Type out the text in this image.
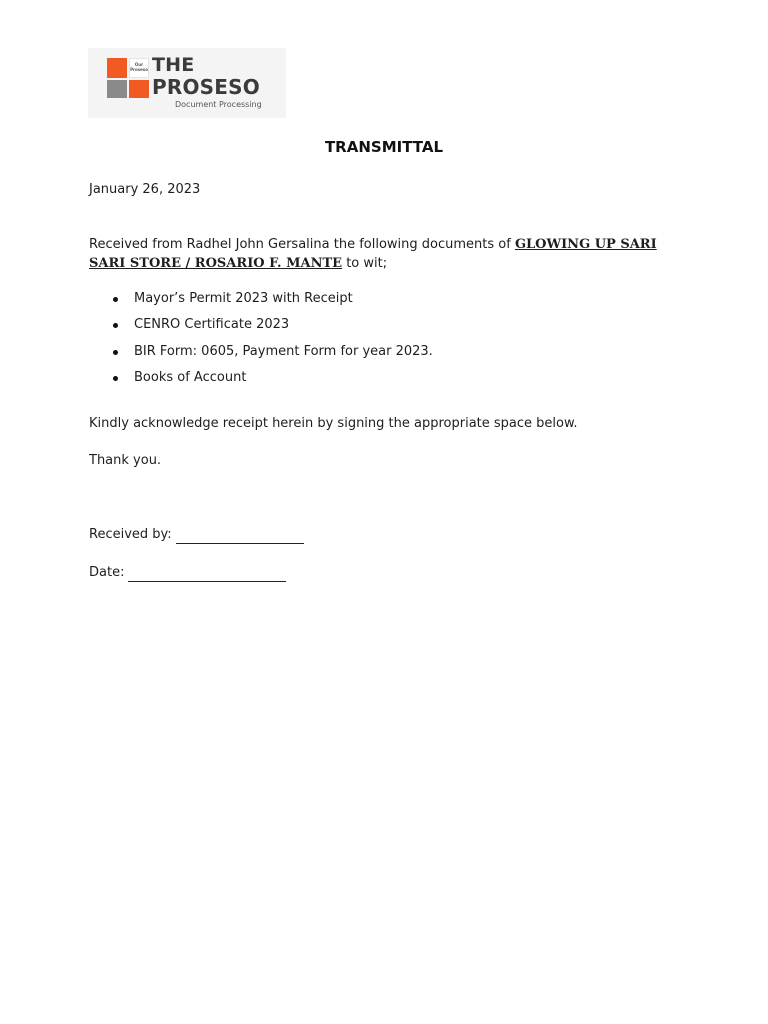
Our Proseso THE
PROSESO
Document Processing
TRANSMITTAL
January 26, 2023
Received from Radhel John Gersalina the following documents of GLOWING UP SARI SARI STORE / ROSARIO F. MANTE to wit;
Mayor’s Permit 2023 with Receipt
CENRO Certificate 2023
BIR Form: 0605, Payment Form for year 2023.
Books of Account
Kindly acknowledge receipt herein by signing the appropriate space below.
Thank you.
Received by:
Date:
